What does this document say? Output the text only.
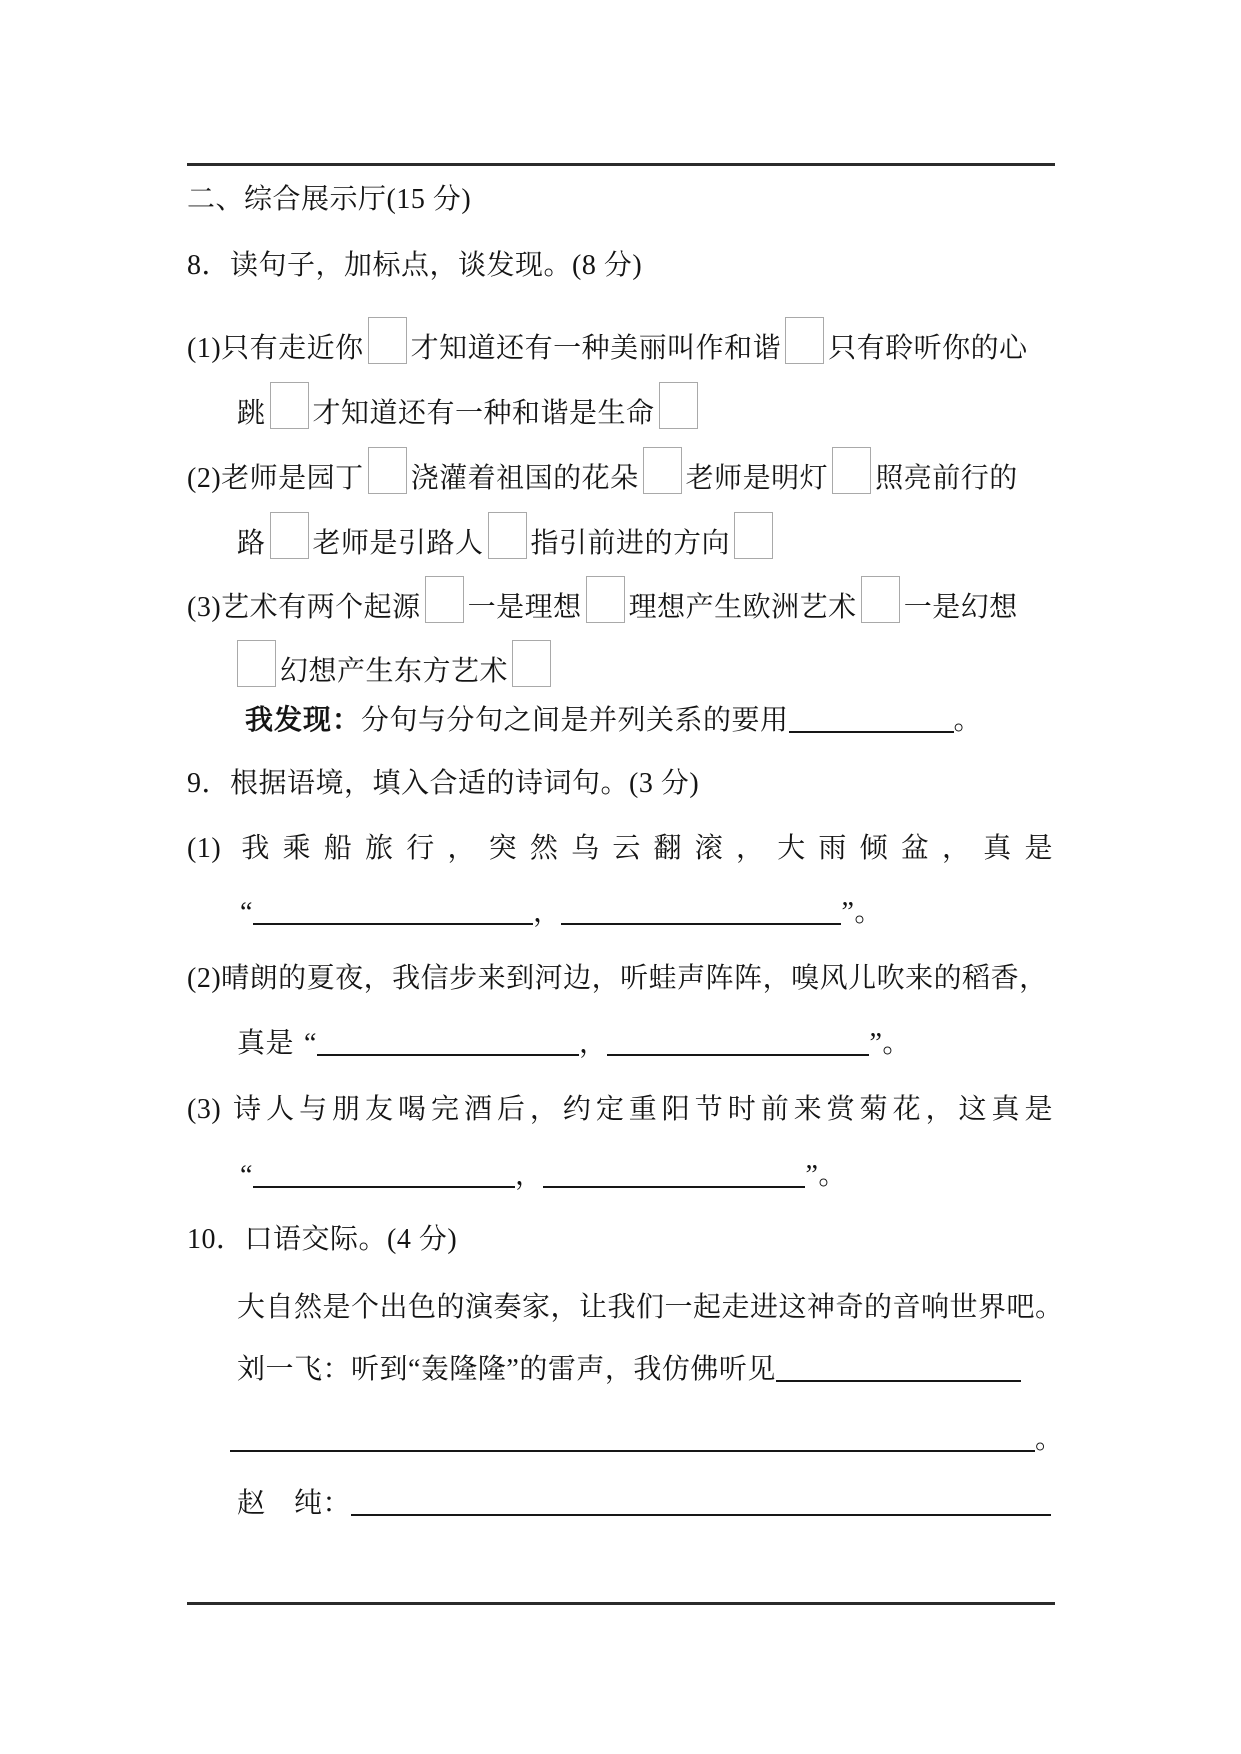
二、综合展示厅(15 分)
8．读句子，加标点，谈发现。(8 分)
(1)只有走近你 才知道还有一种美丽叫作和谐 只有聆听你的心
跳 才知道还有一种和谐是生命
(2)老师是园丁 浇灌着祖国的花朵 老师是明灯 照亮前行的
路 老师是引路人 指引前进的方向
(3)艺术有两个起源 一是理想 理想产生欧洲艺术 一是幻想
幻想产生东方艺术
我发现：分句与分句之间是并列关系的要用	。
9．根据语境，填入合适的诗词句。(3 分)
(1) 我乘船旅行，突然乌云翻滚，大雨倾盆，真是
“	，	”。
(2)晴朗的夏夜，我信步来到河边，听蛙声阵阵，嗅风儿吹来的稻香，
真是 “	，	”。
(3) 诗人与朋友喝完酒后，约定重阳节时前来赏菊花，这真是
“	，	”。
10．口语交际。(4 分)
大自然是个出色的演奏家，让我们一起走进这神奇的音响世界吧。
刘一飞：听到“轰隆隆”的雷声，我仿佛听见
。
赵　纯：
